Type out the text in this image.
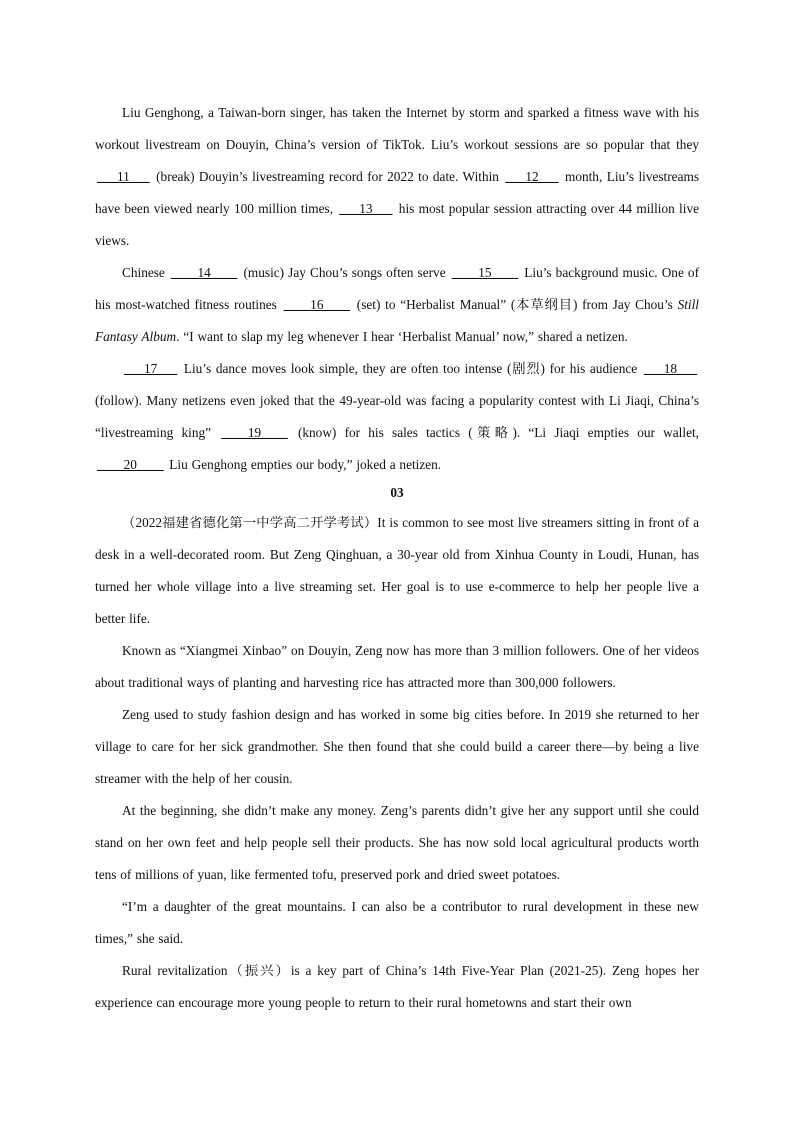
Liu Genghong, a Taiwan-born singer, has taken the Internet by storm and sparked a fitness wave with his workout livestream on Douyin, China’s version of TikTok. Liu’s workout sessions are so popular that they ___11___ (break) Douyin’s livestreaming record for 2022 to date. Within ___12___ month, Liu’s livestreams have been viewed nearly 100 million times, ___13___ his most popular session attracting over 44 million live views.

Chinese ____14____ (music) Jay Chou’s songs often serve ____15____ Liu’s background music. One of his most-watched fitness routines ____16____ (set) to “Herbalist Manual” (本草纲目) from Jay Chou’s Still Fantasy Album. “I want to slap my leg whenever I hear ‘Herbalist Manual’ now,” shared a netizen.

___17___ Liu’s dance moves look simple, they are often too intense (剧烈) for his audience ___18___ (follow). Many netizens even joked that the 49-year-old was facing a popularity contest with Li Jiaqi, China’s “livestreaming king” ____19____ (know) for his sales tactics (策略). “Li Jiaqi empties our wallet, ____20____ Liu Genghong empties our body,” joked a netizen.

03

（2022福建省德化第一中学高二开学考试）It is common to see most live streamers sitting in front of a desk in a well-decorated room. But Zeng Qinghuan, a 30-year old from Xinhua County in Loudi, Hunan, has turned her whole village into a live streaming set. Her goal is to use e-commerce to help her people live a better life.

Known as “Xiangmei Xinbao” on Douyin, Zeng now has more than 3 million followers. One of her videos about traditional ways of planting and harvesting rice has attracted more than 300,000 followers.

Zeng used to study fashion design and has worked in some big cities before. In 2019 she returned to her village to care for her sick grandmother. She then found that she could build a career there—by being a live streamer with the help of her cousin.

At the beginning, she didn’t make any money. Zeng’s parents didn’t give her any support until she could stand on her own feet and help people sell their products. She has now sold local agricultural products worth tens of millions of yuan, like fermented tofu, preserved pork and dried sweet potatoes.

“I’m a daughter of the great mountains. I can also be a contributor to rural development in these new times,” she said.

Rural revitalization（振兴）is a key part of China’s 14th Five-Year Plan (2021-25). Zeng hopes her experience can encourage more young people to return to their rural hometowns and start their own
